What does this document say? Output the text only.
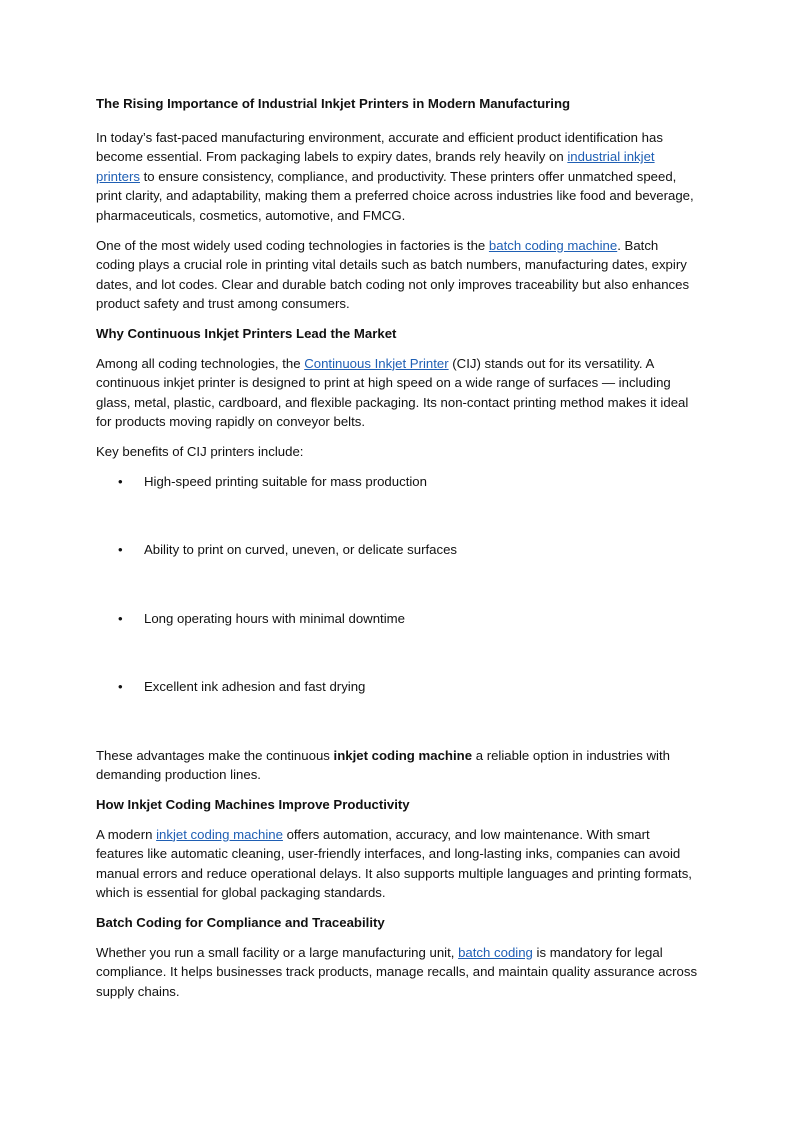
The Rising Importance of Industrial Inkjet Printers in Modern Manufacturing

In today’s fast-paced manufacturing environment, accurate and efficient product identification has become essential. From packaging labels to expiry dates, brands rely heavily on industrial inkjet printers to ensure consistency, compliance, and productivity. These printers offer unmatched speed, print clarity, and adaptability, making them a preferred choice across industries like food and beverage, pharmaceuticals, cosmetics, automotive, and FMCG.

One of the most widely used coding technologies in factories is the batch coding machine. Batch coding plays a crucial role in printing vital details such as batch numbers, manufacturing dates, expiry dates, and lot codes. Clear and durable batch coding not only improves traceability but also enhances product safety and trust among consumers.

Why Continuous Inkjet Printers Lead the Market

Among all coding technologies, the Continuous Inkjet Printer (CIJ) stands out for its versatility. A continuous inkjet printer is designed to print at high speed on a wide range of surfaces — including glass, metal, plastic, cardboard, and flexible packaging. Its non-contact printing method makes it ideal for products moving rapidly on conveyor belts.

Key benefits of CIJ printers include:

• High-speed printing suitable for mass production
• Ability to print on curved, uneven, or delicate surfaces
• Long operating hours with minimal downtime
• Excellent ink adhesion and fast drying

These advantages make the continuous inkjet coding machine a reliable option in industries with demanding production lines.

How Inkjet Coding Machines Improve Productivity

A modern inkjet coding machine offers automation, accuracy, and low maintenance. With smart features like automatic cleaning, user-friendly interfaces, and long-lasting inks, companies can avoid manual errors and reduce operational delays. It also supports multiple languages and printing formats, which is essential for global packaging standards.

Batch Coding for Compliance and Traceability

Whether you run a small facility or a large manufacturing unit, batch coding is mandatory for legal compliance. It helps businesses track products, manage recalls, and maintain quality assurance across supply chains.
